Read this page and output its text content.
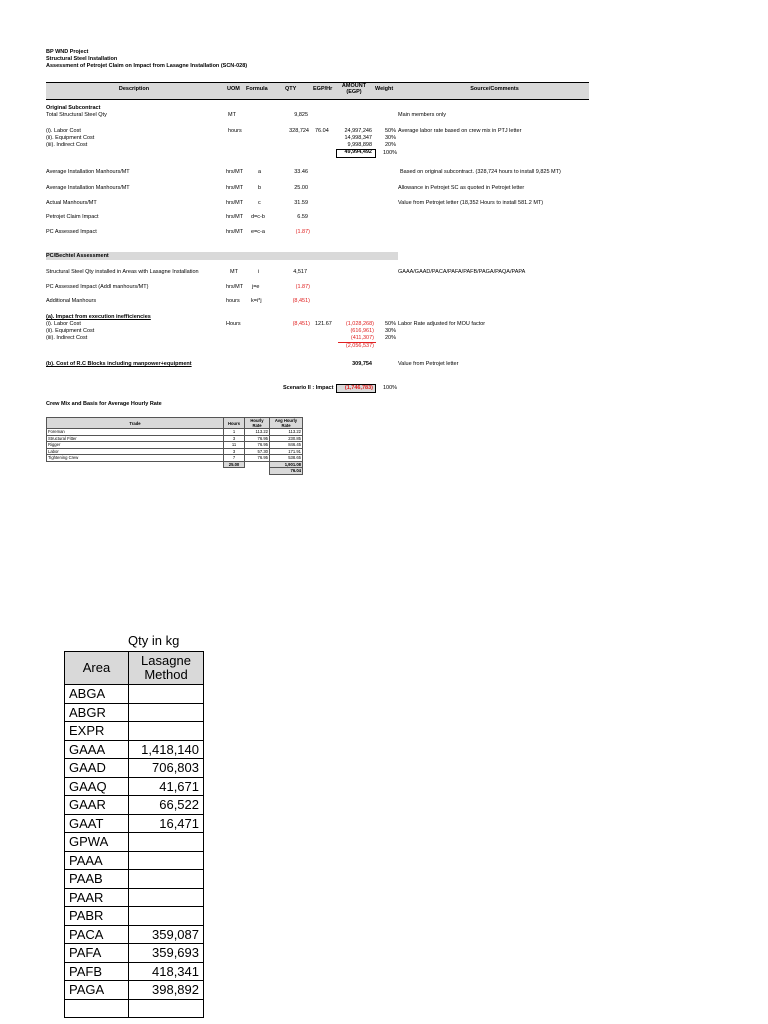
BP WND Project
Structural Steel Installation
Assessment of Petrojet Claim on Impact from Lasagne Installation (SCN-028)
Description	UOM Formula	QTY	EGP/Hr	AMOUNT (EGP)	Weight	Source/Comments
Original Subcontract
Total Structural Steel Qty	MT	9,825	Main members only
(i). Labor Cost	hours	328,724 76.04	24,997,246 50% Average labor rate based on crew mix in PTJ letter
(ii). Equipment Cost	14,998,347 30%
(iii). Indirect Cost	9,998,898 20%
49,994,492 100%
Average Installation Manhours/MT	hrs/MT	a	33.46	Based on original subcontract. (328,724 hours to install 9,825 MT)
Average Installation Manhours/MT	hrs/MT	b	25.00	Allowance in Petrojet SC as quoted in Petrojet letter
Actual Manhours/MT	hrs/MT	c	31.59	Value from Petrojet letter (18,352 Hours to install 581.2 MT)
Petrojet Claim Impact	hrs/MT d=c-b	6.59
PC Assessed Impact	hrs/MT e=c-a	(1.87)
PC/Bechtel Assessment
Structural Steel Qty installed in Areas with Lasagne Installation	MT	i	4,517	GAAA/GAAD/PACA/PAFA/PAFB/PAGA/PAQA/PAPA
PC Assessed Impact (Addl manhours/MT)	hrs/MT j=e	(1.87)
Additional Manhours	hours k=i*j	(8,451)
(a). Impact from execution inefficiencies
(i). Labor Cost	Hours	(8,451) 121.67	(1,028,268) 50% Labor Rate adjusted for MOU factor
(ii). Equipment Cost	(616,961) 30%
(iii). Indirect Cost	(411,307) 20%
(2,056,537)
(b). Cost of R.C Blocks including manpower+equipment	309,754	Value from Petrojet letter
Scenario II : Impact	(1,746,783) 100%
Crew Mix and Basis for Average Hourly Rate
Trade	Hours	Hourly Rate	Avg Hourly Rate
Foreman	1	113.22	113.22
Structural Fitter	3	76.95	230.85
Rigger	11	76.95	846.45
Labor	3	57.30	171.91
Tightening Crew	7	76.95	538.65
	25.00		1,901.08
			76.04
Qty in kg
Area	Lasagne Method
ABGA	
ABGR	
EXPR	
GAAA	1,418,140
GAAD	706,803
GAAQ	41,671
GAAR	66,522
GAAT	16,471
GPWA	
PAAA	
PAAB	
PAAR	
PABR	
PACA	359,087
PAFA	359,693
PAFB	418,341
PAGA	398,892
